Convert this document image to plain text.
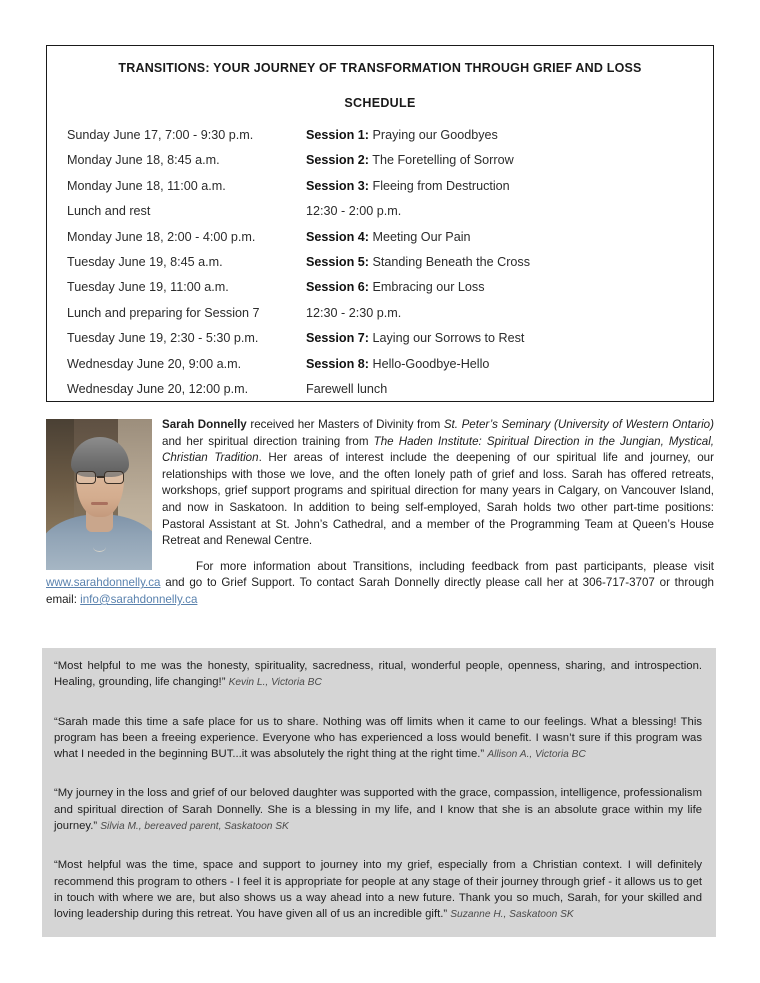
TRANSITIONS: YOUR JOURNEY OF TRANSFORMATION THROUGH GRIEF AND LOSS
SCHEDULE
Sunday June 17, 7:00 - 9:30 p.m.	Session 1: Praying our Goodbyes
Monday June 18, 8:45 a.m.	Session 2: The Foretelling of Sorrow
Monday June 18, 11:00 a.m.	Session 3: Fleeing from Destruction
Lunch and rest	12:30 - 2:00 p.m.
Monday June 18, 2:00 - 4:00 p.m.	Session 4: Meeting Our Pain
Tuesday June 19, 8:45 a.m.	Session 5: Standing Beneath the Cross
Tuesday June 19, 11:00 a.m.	Session 6: Embracing our Loss
Lunch and preparing for Session 7	12:30 - 2:30 p.m.
Tuesday June 19, 2:30 - 5:30 p.m.	Session 7: Laying our Sorrows to Rest
Wednesday June 20, 9:00 a.m.	Session 8: Hello-Goodbye-Hello
Wednesday June 20, 12:00 p.m.	Farewell lunch
Sarah Donnelly received her Masters of Divinity from St. Peter’s Seminary (University of Western Ontario) and her spiritual direction training from The Haden Institute: Spiritual Direction in the Jungian, Mystical, Christian Tradition. Her areas of interest include the deepening of our spiritual life and journey, our relationships with those we love, and the often lonely path of grief and loss. Sarah has offered retreats, workshops, grief support programs and spiritual direction for many years in Calgary, on Vancouver Island, and now in Saskatoon. In addition to being self-employed, Sarah holds two other part-time positions: Pastoral Assistant at St. John’s Cathedral, and a member of the Programming Team at Queen’s House Retreat and Renewal Centre.
For more information about Transitions, including feedback from past participants, please visit www.sarahdonnelly.ca and go to Grief Support. To contact Sarah Donnelly directly please call her at 306-717-3707 or through email: info@sarahdonnelly.ca
“Most helpful to me was the honesty, spirituality, sacredness, ritual, wonderful people, openness, sharing, and introspection. Healing, grounding, life changing!” Kevin L., Victoria BC
“Sarah made this time a safe place for us to share. Nothing was off limits when it came to our feelings. What a blessing! This program has been a freeing experience. Everyone who has experienced a loss would benefit. I wasn’t sure if this program was what I needed in the beginning BUT...it was absolutely the right thing at the right time.” Allison A., Victoria BC
“My journey in the loss and grief of our beloved daughter was supported with the grace, compassion, intelligence, professionalism and spiritual direction of Sarah Donnelly. She is a blessing in my life, and I know that she is an absolute grace within my life journey.” Silvia M., bereaved parent, Saskatoon SK
“Most helpful was the time, space and support to journey into my grief, especially from a Christian context. I will definitely recommend this program to others - I feel it is appropriate for people at any stage of their journey through grief - it allows us to get in touch with where we are, but also shows us a way ahead into a new future. Thank you so much, Sarah, for your skilled and loving leadership during this retreat. You have given all of us an incredible gift.” Suzanne H., Saskatoon SK
